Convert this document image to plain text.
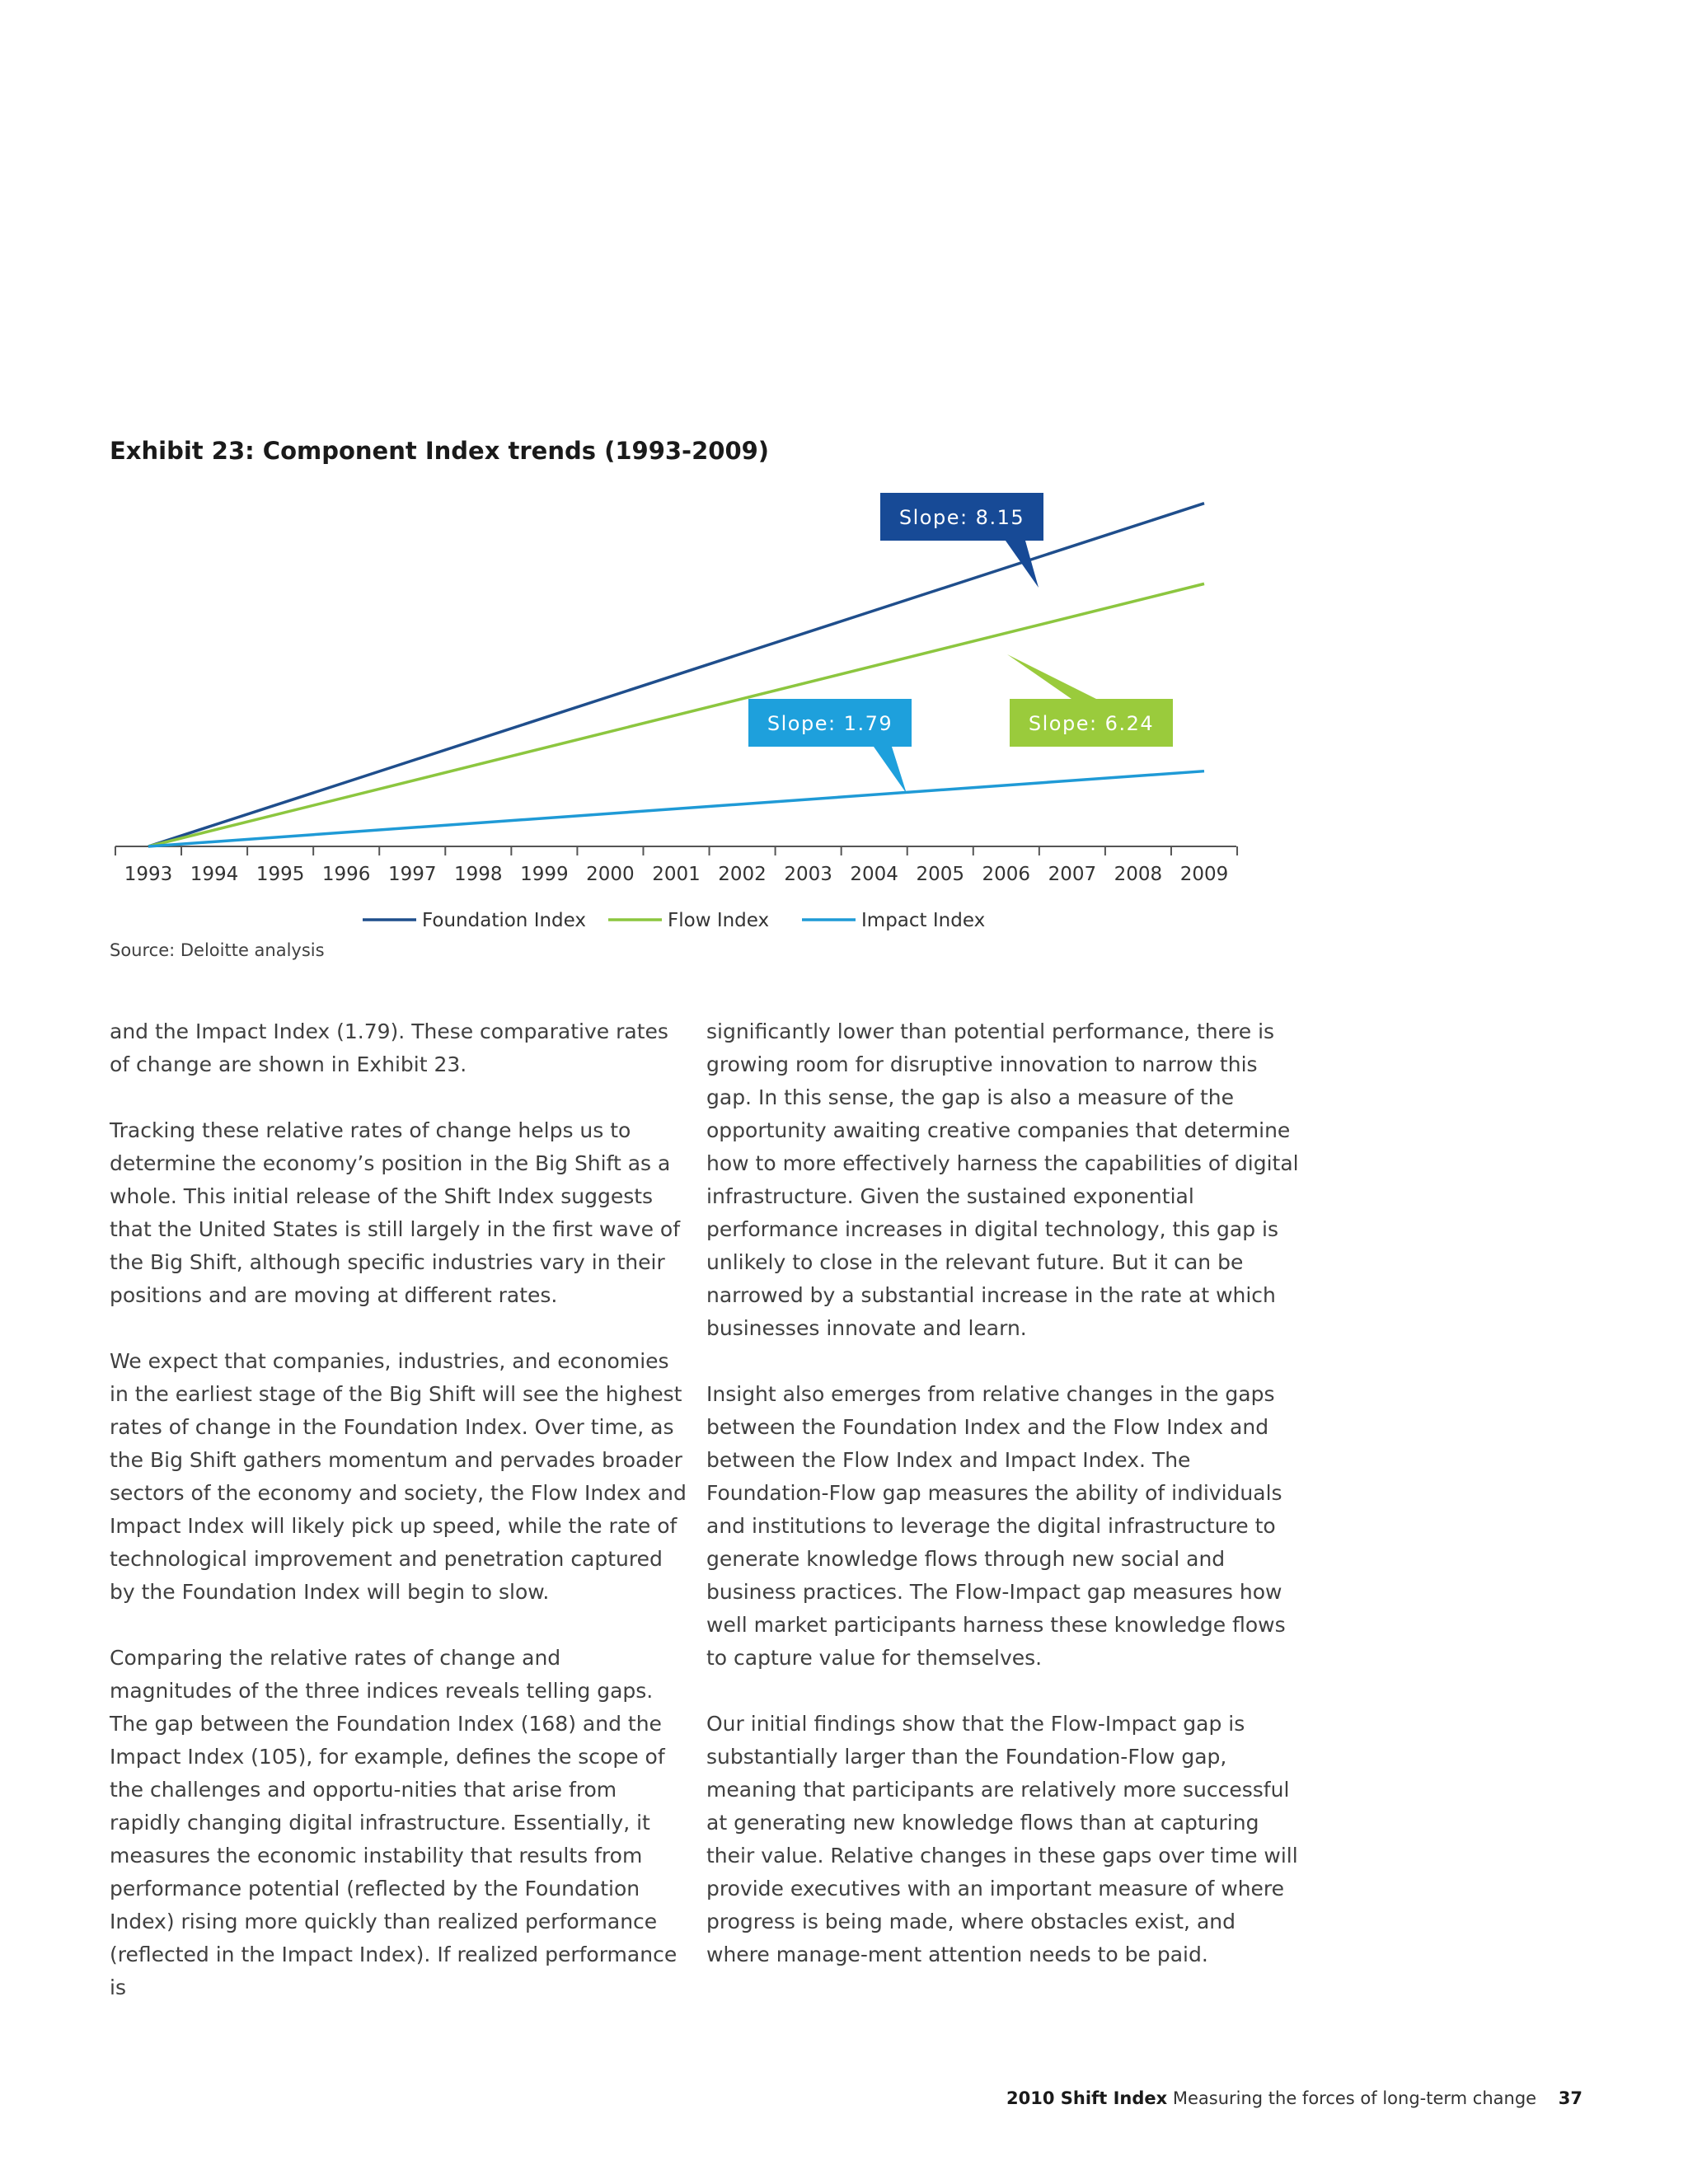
Exhibit 23: Component Index trends (1993-2009)
1993 1994 1995 1996 1997 1998 1999 2000 2001 2002 2003 2004 2005 2006 2007 2008 2009
Slope: 8.15
Slope: 6.24
Slope: 1.79
Foundation Index	Flow Index	Impact Index
Source: Deloitte analysis

and the Impact Index (1.79). These comparative rates of change are shown in Exhibit 23.

Tracking these relative rates of change helps us to determine the economy’s position in the Big Shift as a whole. This initial release of the Shift Index suggests that the United States is still largely in the first wave of the Big Shift, although specific industries vary in their positions and are moving at different rates.

We expect that companies, industries, and economies in the earliest stage of the Big Shift will see the highest rates of change in the Foundation Index. Over time, as the Big Shift gathers momentum and pervades broader sectors of the economy and society, the Flow Index and Impact Index will likely pick up speed, while the rate of technological improvement and penetration captured by the Foundation Index will begin to slow.

Comparing the relative rates of change and magnitudes of the three indices reveals telling gaps. The gap between the Foundation Index (168) and the Impact Index (105), for example, defines the scope of the challenges and opportu-nities that arise from rapidly changing digital infrastructure. Essentially, it measures the economic instability that results from performance potential (reflected by the Foundation Index) rising more quickly than realized performance (reflected in the Impact Index). If realized performance is

significantly lower than potential performance, there is growing room for disruptive innovation to narrow this gap. In this sense, the gap is also a measure of the opportunity awaiting creative companies that determine how to more effectively harness the capabilities of digital infrastructure. Given the sustained exponential performance increases in digital technology, this gap is unlikely to close in the relevant future. But it can be narrowed by a substantial increase in the rate at which businesses innovate and learn.

Insight also emerges from relative changes in the gaps between the Foundation Index and the Flow Index and between the Flow Index and Impact Index. The Foundation-Flow gap measures the ability of individuals and institutions to leverage the digital infrastructure to generate knowledge flows through new social and business practices. The Flow-Impact gap measures how well market participants harness these knowledge flows to capture value for themselves.

Our initial findings show that the Flow-Impact gap is substantially larger than the Foundation-Flow gap, meaning that participants are relatively more successful at generating new knowledge flows than at capturing their value. Relative changes in these gaps over time will provide executives with an important measure of where progress is being made, where obstacles exist, and where manage-ment attention needs to be paid.

2010 Shift Index Measuring the forces of long-term change 37
